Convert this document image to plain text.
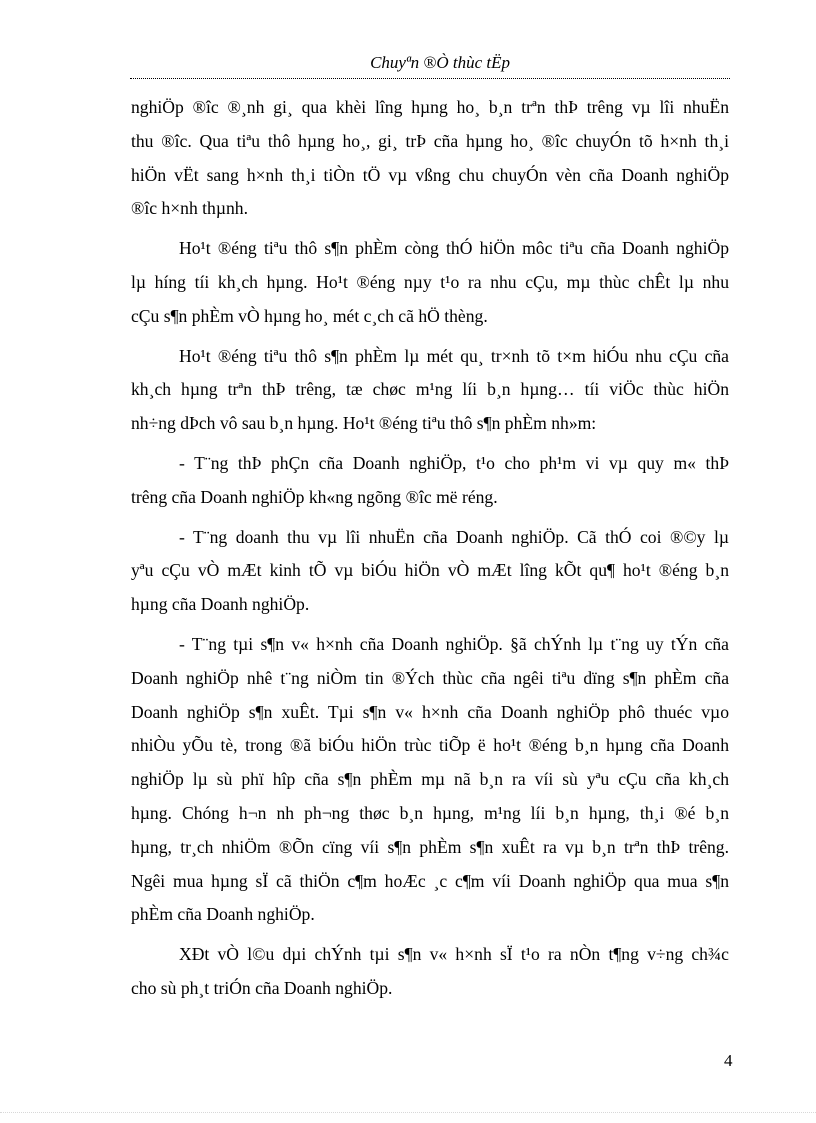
Chuyªn ®Ò thùc tËp
nghiÖp ®îc ®¸nh gi¸ qua khèi lîng hµng ho¸ b¸n trªn thÞ trêng vµ lîi nhuËn
thu ®îc. Qua tiªu thô hµng ho¸, gi¸ trÞ cña hµng ho¸ ®îc chuyÓn tõ h×nh th¸i
hiÖn vËt sang h×nh th¸i tiÒn tÖ vµ vßng chu chuyÓn vèn cña Doanh nghiÖp
®îc h×nh thµnh.
Ho¹t ®éng tiªu thô s¶n phÈm còng thÓ hiÖn môc tiªu cña Doanh nghiÖp
lµ híng tíi kh¸ch hµng. Ho¹t ®éng nµy t¹o ra nhu cÇu, mµ thùc chÊt lµ nhu
cÇu s¶n phÈm vÒ hµng ho¸ mét c¸ch cã hÖ thèng.
Ho¹t ®éng tiªu thô s¶n phÈm lµ mét qu¸ tr×nh tõ t×m hiÓu nhu cÇu cña
kh¸ch hµng trªn thÞ trêng, tæ chøc m¹ng líi b¸n hµng… tíi viÖc thùc hiÖn
nh÷ng dÞch vô sau b¸n hµng. Ho¹t ®éng tiªu thô s¶n phÈm nh»m:
- T¨ng thÞ phÇn cña Doanh nghiÖp, t¹o cho ph¹m vi vµ quy m« thÞ
trêng cña Doanh nghiÖp kh«ng ngõng ®îc më réng.
- T¨ng doanh thu vµ lîi nhuËn cña Doanh nghiÖp. Cã thÓ coi ®©y lµ
yªu cÇu vÒ mÆt kinh tÕ vµ biÓu hiÖn vÒ mÆt lîng kÕt qu¶ ho¹t ®éng b¸n
hµng cña Doanh nghiÖp.
- T¨ng tµi s¶n v« h×nh cña Doanh nghiÖp. §ã chÝnh lµ t¨ng uy tÝn cña
Doanh nghiÖp nhê t¨ng niÒm tin ®Ých thùc cña ngêi tiªu dïng s¶n phÈm cña
Doanh nghiÖp s¶n xuÊt. Tµi s¶n v« h×nh cña Doanh nghiÖp phô thuéc vµo
nhiÒu yÕu tè, trong ®ã biÓu hiÖn trùc tiÕp ë ho¹t ®éng b¸n hµng cña Doanh
nghiÖp lµ sù phï hîp cña s¶n phÈm mµ nã b¸n ra víi sù yªu cÇu cña kh¸ch
hµng. Chóng h¬n nh ph¬ng thøc b¸n hµng, m¹ng líi b¸n hµng, th¸i ®é b¸n
hµng, tr¸ch nhiÖm ®Õn cïng víi s¶n phÈm s¶n xuÊt ra vµ b¸n trªn thÞ trêng.
Ngêi mua hµng sÏ cã thiÖn c¶m hoÆc ¸c c¶m víi Doanh nghiÖp qua mua s¶n
phÈm cña Doanh nghiÖp.
XÐt vÒ l©u dµi chÝnh tµi s¶n v« h×nh sÏ t¹o ra nÒn t¶ng v÷ng ch¾c
cho sù ph¸t triÓn cña Doanh nghiÖp.
4
